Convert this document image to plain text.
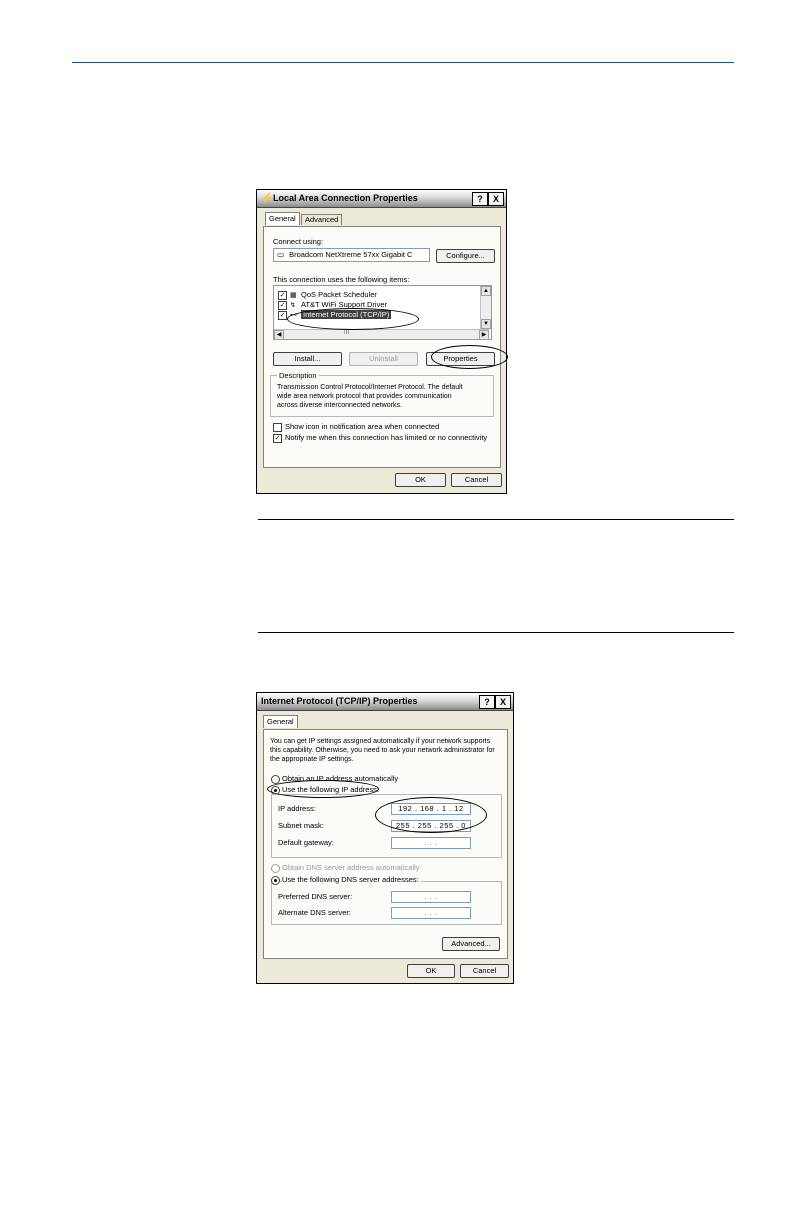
⚡ Local Area Connection Properties	?	X
General	Advanced
Connect using:
▭ Broadcom NetXtreme 57xx Gigabit C	Configure...
This connection uses the following items:
✓ ▦ QoS Packet Scheduler
✓ ↯ AT&T WiFi Support Driver
✓ ⊷ Internet Protocol (TCP/IP)
▲
▼
◀	III	▶
Install...	Uninstall	Properties
Description
Transmission Control Protocol/Internet Protocol. The default
wide area network protocol that provides communication
across diverse interconnected networks.
Show icon in notification area when connected
✓ Notify me when this connection has limited or no connectivity
OK	Cancel
Internet Protocol (TCP/IP) Properties	?	X
General
You can get IP settings assigned automatically if your network supports
this capability. Otherwise, you need to ask your network administrator for
the appropriate IP settings.
Obtain an IP address automatically
Use the following IP address:
IP address:	192 . 168 . 1 . 12
Subnet mask:	255 . 255 . 255 . 0
Default gateway:	. . .
Obtain DNS server address automatically
Use the following DNS server addresses:
Preferred DNS server:	. . .
Alternate DNS server:	. . .
Advanced...
OK	Cancel
